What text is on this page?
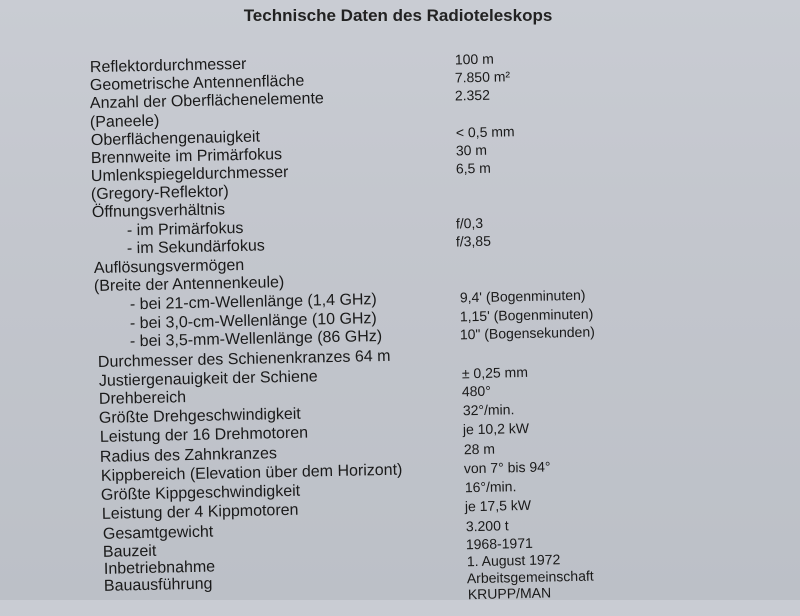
Technische Daten des Radioteleskops
Reflektordurchmesser	100 m
Geometrische Antennenfläche	7.850 m²
Anzahl der Oberflächenelemente	2.352
(Paneele)
Oberflächengenauigkeit	< 0,5 mm
Brennweite im Primärfokus	30 m
Umlenkspiegeldurchmesser	6,5 m
(Gregory-Reflektor)
Öffnungsverhältnis
- im Primärfokus	f/0,3
- im Sekundärfokus	f/3,85
Auflösungsvermögen
(Breite der Antennenkeule)
- bei 21-cm-Wellenlänge (1,4 GHz)	9,4' (Bogenminuten)
- bei 3,0-cm-Wellenlänge (10 GHz)	1,15' (Bogenminuten)
- bei 3,5-mm-Wellenlänge (86 GHz)	10" (Bogensekunden)
Durchmesser des Schienenkranzes 64 m
Justiergenauigkeit der Schiene	± 0,25 mm
Drehbereich	480°
Größte Drehgeschwindigkeit	32°/min.
Leistung der 16 Drehmotoren	je 10,2 kW
Radius des Zahnkranzes	28 m
Kippbereich (Elevation über dem Horizont)	von 7° bis 94°
Größte Kippgeschwindigkeit	16°/min.
Leistung der 4 Kippmotoren	je 17,5 kW
Gesamtgewicht	3.200 t
Bauzeit	1968-1971
Inbetriebnahme	1. August 1972
Bauausführung	Arbeitsgemeinschaft
KRUPP/MAN
